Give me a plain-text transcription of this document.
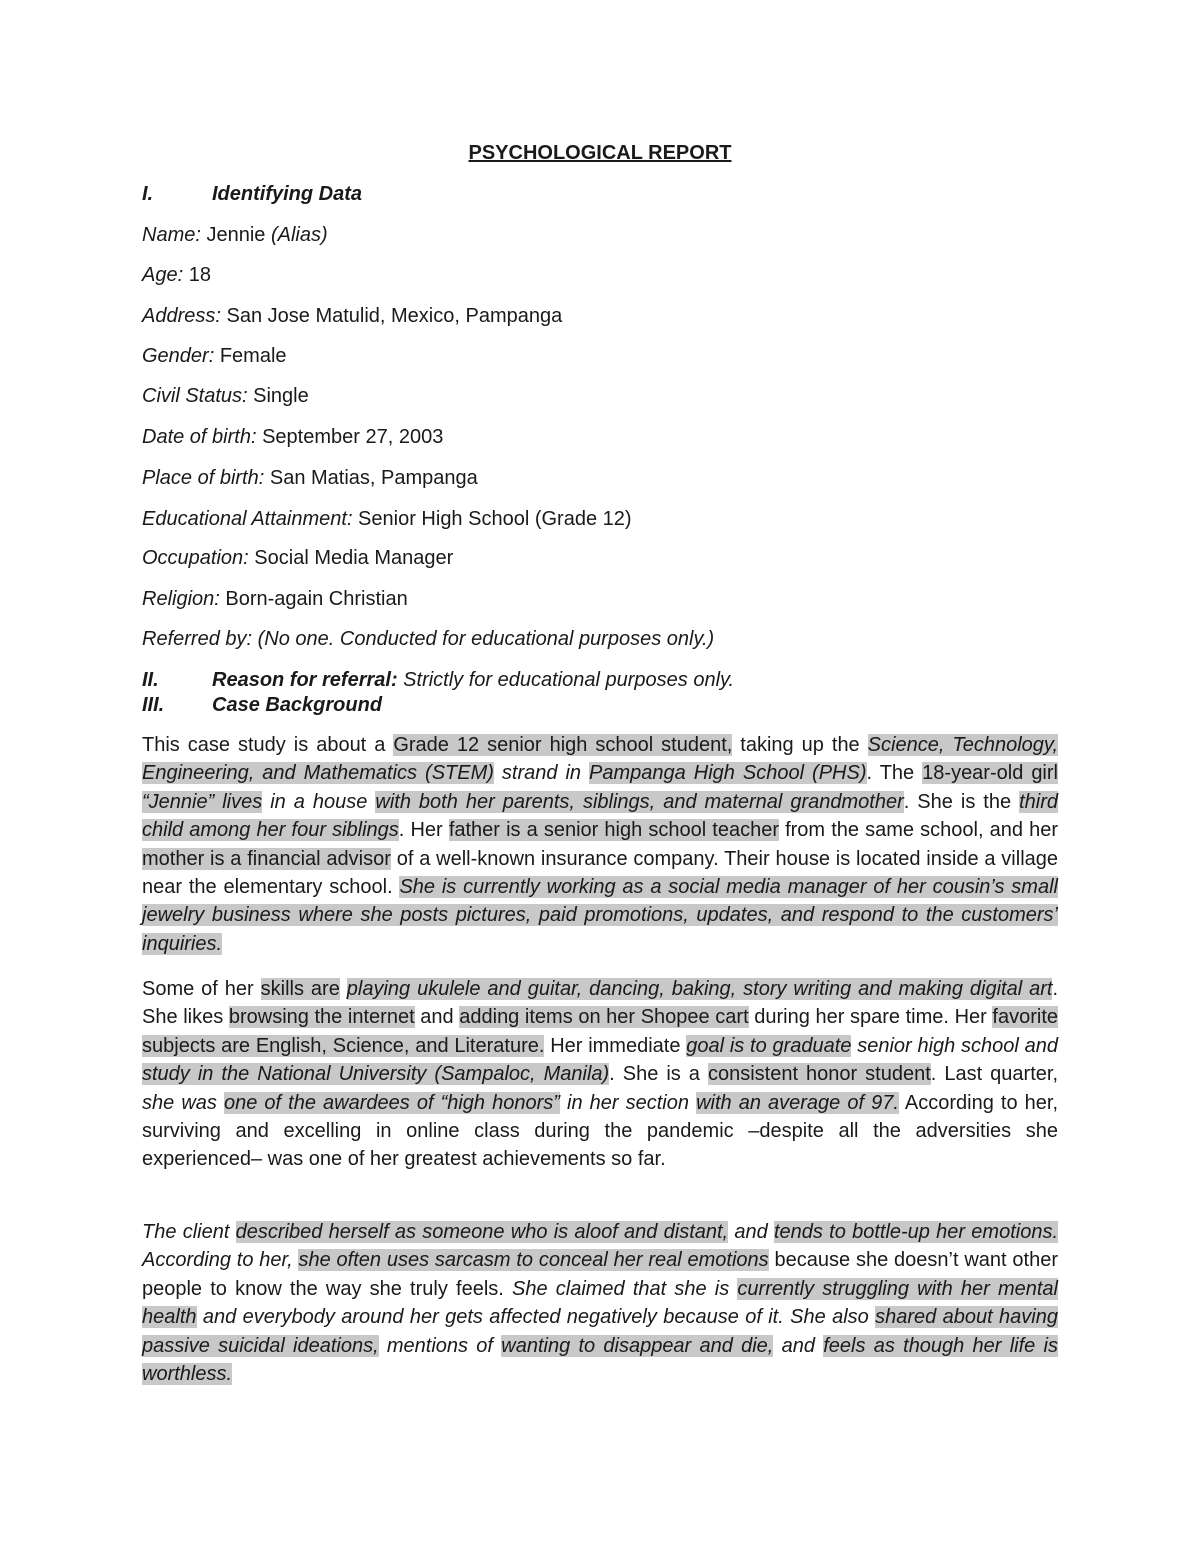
PSYCHOLOGICAL REPORT
I.	Identifying Data
Name: Jennie (Alias)
Age: 18
Address: San Jose Matulid, Mexico, Pampanga
Gender: Female
Civil Status: Single
Date of birth: September 27, 2003
Place of birth: San Matias, Pampanga
Educational Attainment: Senior High School (Grade 12)
Occupation: Social Media Manager
Religion: Born-again Christian
Referred by: (No one. Conducted for educational purposes only.)
II.	Reason for referral: Strictly for educational purposes only.
III. Case Background

This case study is about a Grade 12 senior high school student, taking up the Science, Technology, Engineering, and Mathematics (STEM) strand in Pampanga High School (PHS). The 18-year-old girl “Jennie” lives in a house with both her parents, siblings, and maternal grandmother. She is the third child among her four siblings. Her father is a senior high school teacher from the same school, and her mother is a financial advisor of a well-known insurance company. Their house is located inside a village near the elementary school. She is currently working as a social media manager of her cousin’s small jewelry business where she posts pictures, paid promotions, updates, and respond to the customers’ inquiries.

Some of her skills are playing ukulele and guitar, dancing, baking, story writing and making digital art. She likes browsing the internet and adding items on her Shopee cart during her spare time. Her favorite subjects are English, Science, and Literature. Her immediate goal is to graduate senior high school and study in the National University (Sampaloc, Manila). She is a consistent honor student. Last quarter, she was one of the awardees of “high honors” in her section with an average of 97. According to her, surviving and excelling in online class during the pandemic –despite all the adversities she experienced– was one of her greatest achievements so far.

The client described herself as someone who is aloof and distant, and tends to bottle-up her emotions. According to her, she often uses sarcasm to conceal her real emotions because she doesn’t want other people to know the way she truly feels. She claimed that she is currently struggling with her mental health and everybody around her gets affected negatively because of it. She also shared about having passive suicidal ideations, mentions of wanting to disappear and die, and feels as though her life is worthless.
